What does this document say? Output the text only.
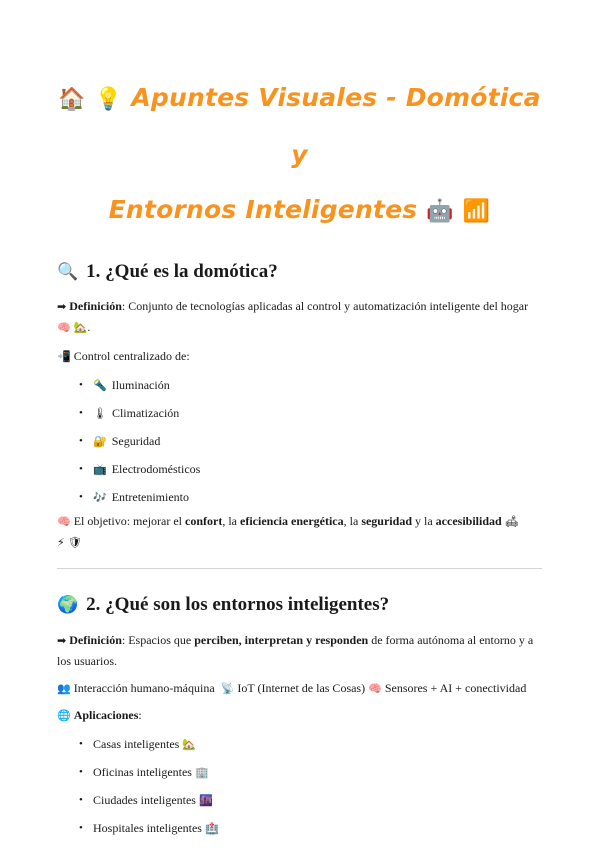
🏠 💡 Apuntes Visuales - Domótica y
Entornos Inteligentes 🤖 📶
🔍 1. ¿Qué es la domótica?

➡ Definición: Conjunto de tecnologías aplicadas al control y automatización inteligente del hogar 🧠 🏡.

📲 Control centralizado de:

• 🔦 Iluminación
• 🌡 Climatización
• 🔐 Seguridad
• 📺 Electrodomésticos
• 🎶 Entretenimiento

🧠 El objetivo: mejorar el confort, la eficiencia energética, la seguridad y la accesibilidad 🛋
⚡ 🛡

🌍 2. ¿Qué son los entornos inteligentes?

➡ Definición: Espacios que perciben, interpretan y responden de forma autónoma al entorno y a los usuarios.

👥 Interacción humano-máquina 📡 IoT (Internet de las Cosas) 🧠 Sensores + AI + conectividad

🌐 Aplicaciones:

• Casas inteligentes 🏡
• Oficinas inteligentes 🏢
• Ciudades inteligentes 🌆
• Hospitales inteligentes 🏥
